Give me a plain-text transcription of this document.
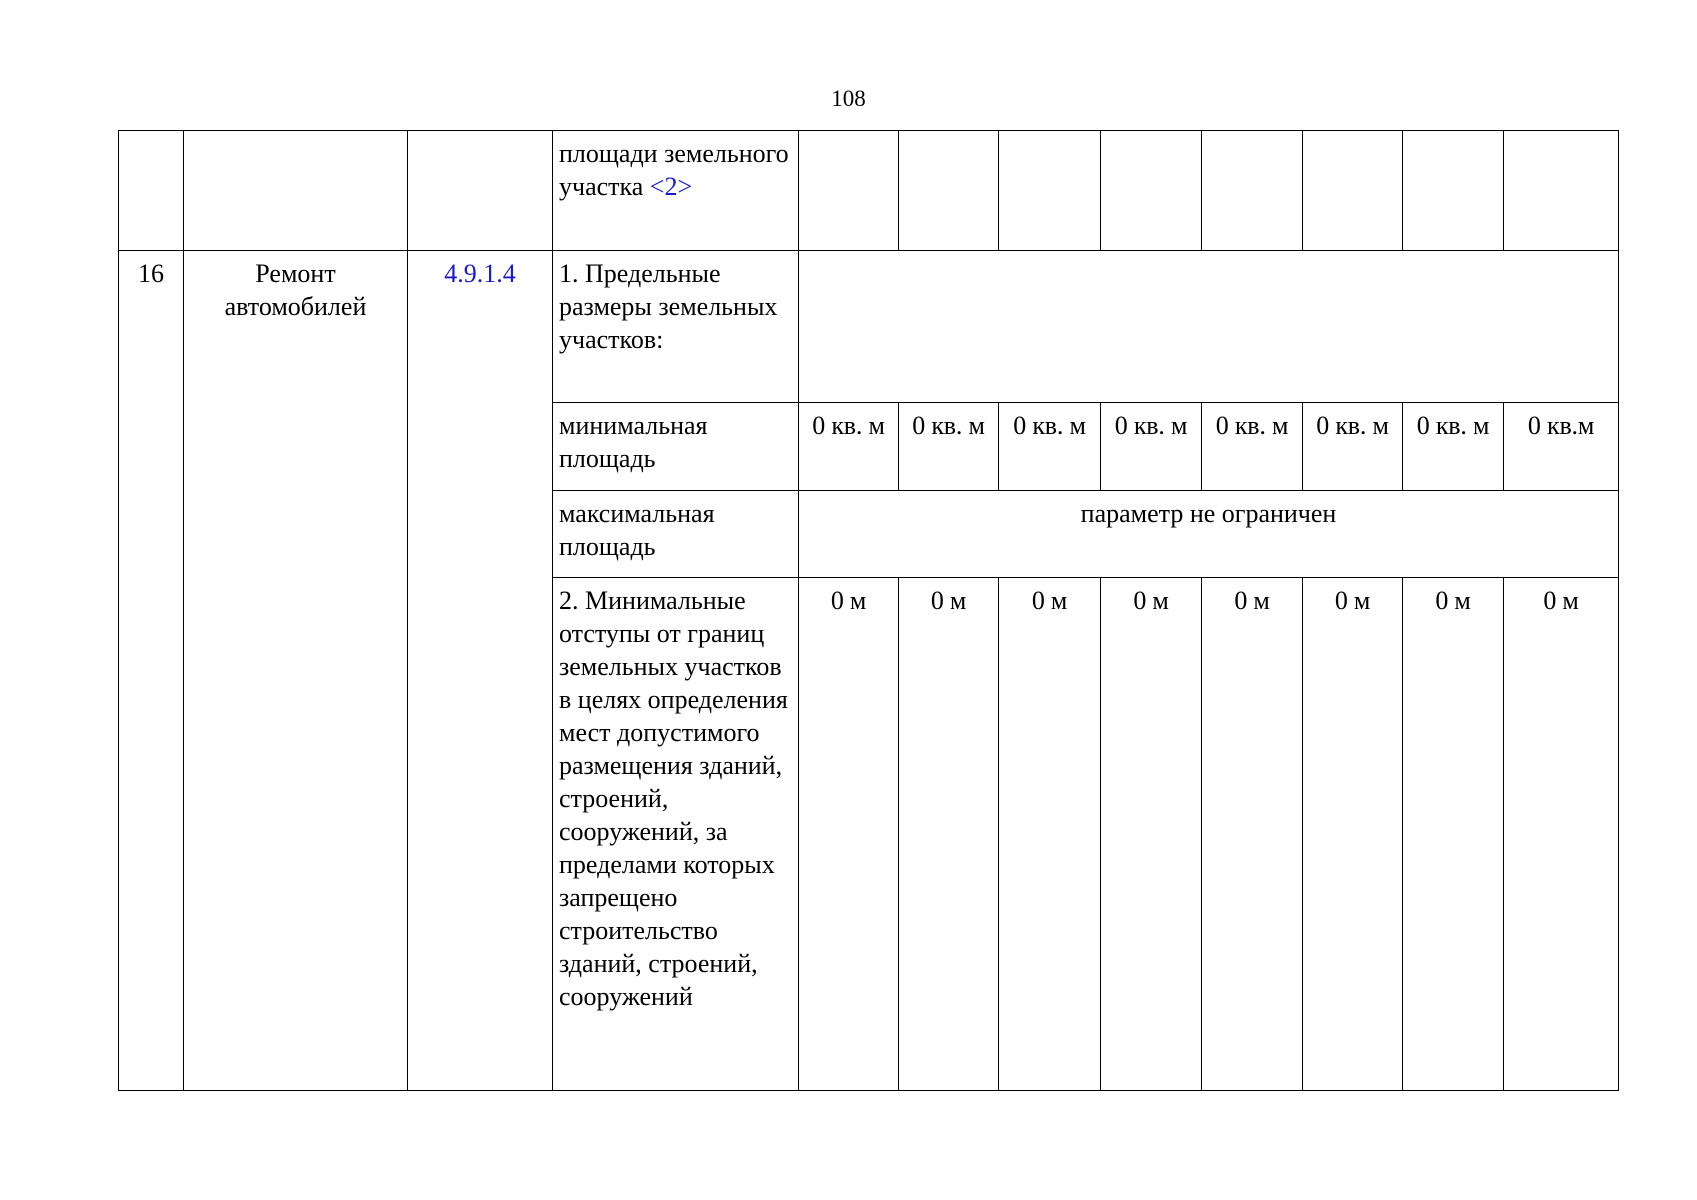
108
			площади земельного участка <2>								
16	Ремонт автомобилей	4.9.1.4	1. Предельные размеры земельных участков:								
			минимальная площадь	0 кв. м	0 кв. м	0 кв. м	0 кв. м	0 кв. м	0 кв. м	0 кв. м	0 кв.м
			максимальная площадь	параметр не ограничен							
			2. Минимальные отступы от границ земельных участков в целях определения мест допустимого размещения зданий, строений, сооружений, за пределами которых запрещено строительство зданий, строений, сооружений	0 м	0 м	0 м	0 м	0 м	0 м	0 м	0 м
